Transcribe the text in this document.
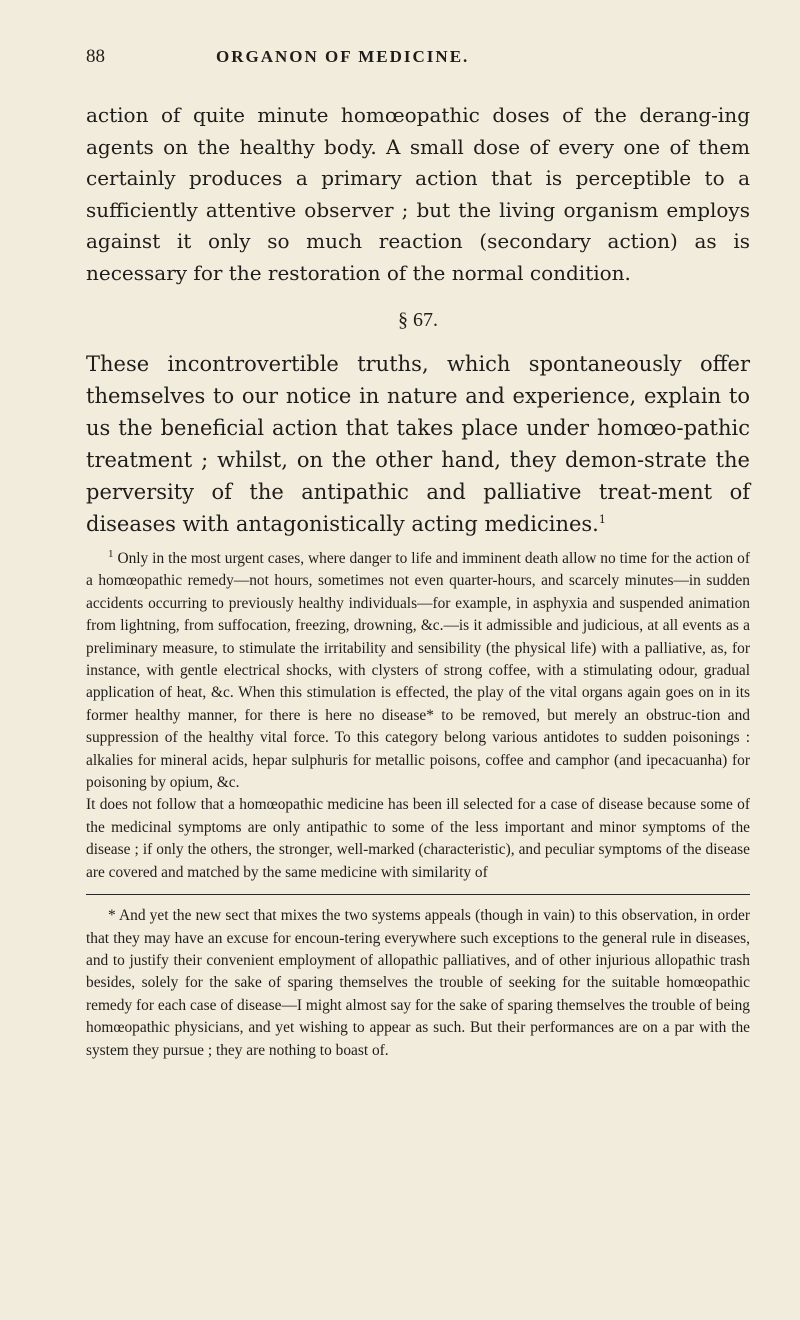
88	ORGANON OF MEDICINE.

action of quite minute homœopathic doses of the derang-ing agents on the healthy body. A small dose of every one of them certainly produces a primary action that is perceptible to a sufficiently attentive observer ; but the living organism employs against it only so much reaction (secondary action) as is necessary for the restoration of the normal condition.

§ 67.

These incontrovertible truths, which spontaneously offer themselves to our notice in nature and experience, explain to us the beneficial action that takes place under homœo-pathic treatment ; whilst, on the other hand, they demon-strate the perversity of the antipathic and palliative treat-ment of diseases with antagonistically acting medicines.$^1$

$^1$ Only in the most urgent cases, where danger to life and imminent death allow no time for the action of a homœopathic remedy—not hours, sometimes not even quarter-hours, and scarcely minutes—in sudden accidents occurring to previously healthy individuals—for example, in asphyxia and suspended animation from lightning, from suffocation, freezing, drowning, &c.—is it admissible and judicious, at all events as a preliminary measure, to stimulate the irritability and sensibility (the physical life) with a palliative, as, for instance, with gentle electrical shocks, with clysters of strong coffee, with a stimulating odour, gradual application of heat, &c. When this stimulation is effected, the play of the vital organs again goes on in its former healthy manner, for there is here no disease* to be removed, but merely an obstruc-tion and suppression of the healthy vital force. To this category belong various antidotes to sudden poisonings : alkalies for mineral acids, hepar sulphuris for metallic poisons, coffee and camphor (and ipecacuanha) for poisoning by opium, &c.

It does not follow that a homœopathic medicine has been ill selected for a case of disease because some of the medicinal symptoms are only antipathic to some of the less important and minor symptoms of the disease ; if only the others, the stronger, well-marked (characteristic), and peculiar symptoms of the disease are covered and matched by the same medicine with similarity of

* And yet the new sect that mixes the two systems appeals (though in vain) to this observation, in order that they may have an excuse for encoun-tering everywhere such exceptions to the general rule in diseases, and to justify their convenient employment of allopathic palliatives, and of other injurious allopathic trash besides, solely for the sake of sparing themselves the trouble of seeking for the suitable homœopathic remedy for each case of disease—I might almost say for the sake of sparing themselves the trouble of being homœopathic physicians, and yet wishing to appear as such. But their performances are on a par with the system they pursue ; they are nothing to boast of.
